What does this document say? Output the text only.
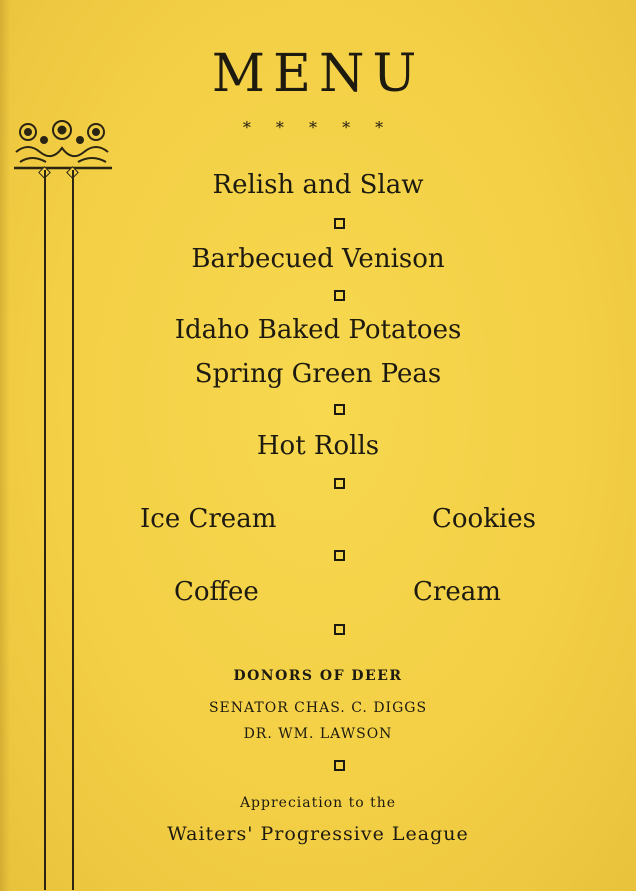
MENU
* * * * *
Relish and Slaw
Barbecued Venison
Idaho Baked Potatoes
Spring Green Peas
Hot Rolls
Ice Cream	Cookies
Coffee	Cream
DONORS OF DEER
SENATOR CHAS. C. DIGGS
DR. WM. LAWSON
Appreciation to the
Waiters' Progressive League
